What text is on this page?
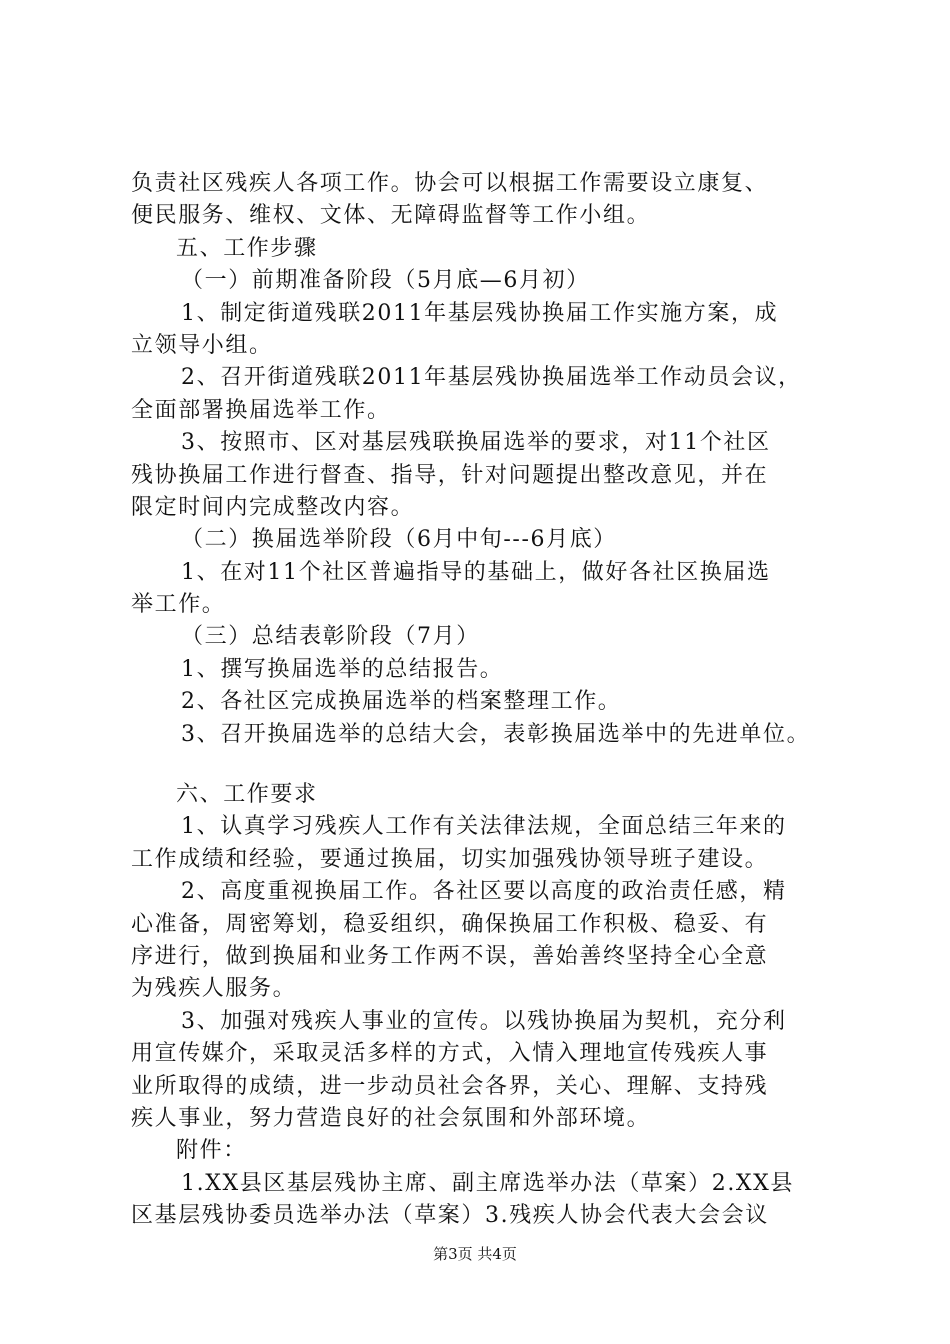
负责社区残疾人各项工作。协会可以根据工作需要设立康复、
便民服务、维权、文体、无障碍监督等工作小组。
五、工作步骤
（一）前期准备阶段（5月底—6月初）
1、制定街道残联2011年基层残协换届工作实施方案，成
立领导小组。
2、召开街道残联2011年基层残协换届选举工作动员会议，
全面部署换届选举工作。
3、按照市、区对基层残联换届选举的要求，对11个社区
残协换届工作进行督查、指导，针对问题提出整改意见，并在
限定时间内完成整改内容。
（二）换届选举阶段（6月中旬---6月底）
1、在对11个社区普遍指导的基础上，做好各社区换届选
举工作。
（三）总结表彰阶段（7月）
1、撰写换届选举的总结报告。
2、各社区完成换届选举的档案整理工作。
3、召开换届选举的总结大会，表彰换届选举中的先进单位。
六、工作要求
1、认真学习残疾人工作有关法律法规，全面总结三年来的
工作成绩和经验，要通过换届，切实加强残协领导班子建设。
2、高度重视换届工作。各社区要以高度的政治责任感，精
心准备，周密筹划，稳妥组织，确保换届工作积极、稳妥、有
序进行，做到换届和业务工作两不误，善始善终坚持全心全意
为残疾人服务。
3、加强对残疾人事业的宣传。以残协换届为契机，充分利
用宣传媒介，采取灵活多样的方式，入情入理地宣传残疾人事
业所取得的成绩，进一步动员社会各界，关心、理解、支持残
疾人事业，努力营造良好的社会氛围和外部环境。
附件：
1.XX县区基层残协主席、副主席选举办法（草案）2.XX县
区基层残协委员选举办法（草案）3.残疾人协会代表大会会议
第3页 共4页
